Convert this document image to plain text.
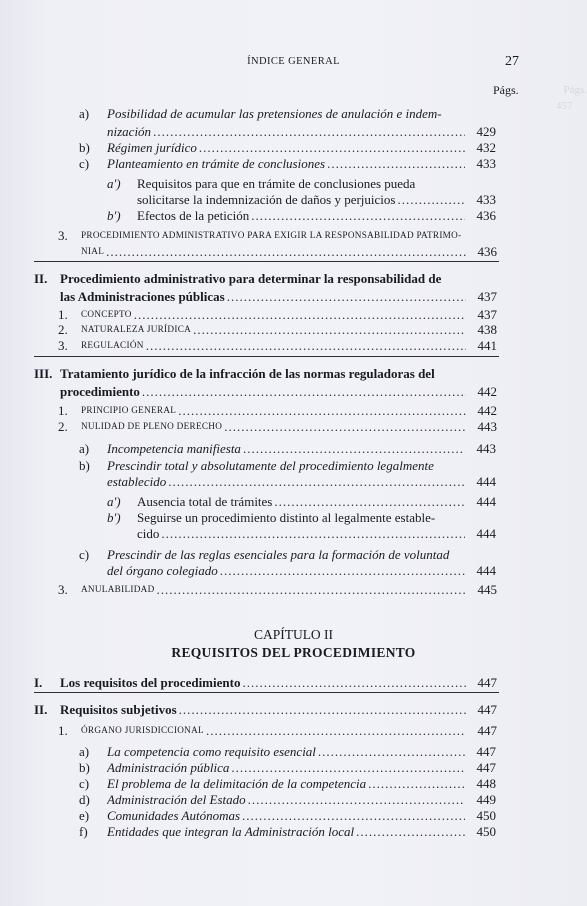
Págs.
457
ÍNDICE GENERAL	27
Págs.
a) Posibilidad de acumular las pretensiones de anulación e indem-
nización .....	429
b) Régimen jurídico .....	432
c) Planteamiento en trámite de conclusiones .....	433
a') Requisitos para que en trámite de conclusiones pueda
solicitarse la indemnización de daños y perjuicios .....	433
b') Efectos de la petición .....	436
3. PROCEDIMIENTO ADMINISTRATIVO PARA EXIGIR LA RESPONSABILIDAD PATRIMO-
NIAL .....	436
II. Procedimiento administrativo para determinar la responsabilidad de
las Administraciones públicas .....	437
1. CONCEPTO .....	437
2. NATURALEZA JURÍDICA .....	438
3. REGULACIÓN .....	441
III. Tratamiento jurídico de la infracción de las normas reguladoras del
procedimiento .....	442
1. PRINCIPIO GENERAL .....	442
2. NULIDAD DE PLENO DERECHO .....	443
a) Incompetencia manifiesta .....	443
b) Prescindir total y absolutamente del procedimiento legalmente
establecido .....	444
a') Ausencia total de trámites .....	444
b') Seguirse un procedimiento distinto al legalmente estable-
cido .....	444
c) Prescindir de las reglas esenciales para la formación de voluntad
del órgano colegiado .....	444
3. ANULABILIDAD .....	445
CAPÍTULO II
REQUISITOS DEL PROCEDIMIENTO
I. Los requisitos del procedimiento .....	447
II. Requisitos subjetivos .....	447
1. ÓRGANO JURISDICCIONAL .....	447
a) La competencia como requisito esencial .....	447
b) Administración pública .....	447
c) El problema de la delimitación de la competencia .....	448
d) Administración del Estado .....	449
e) Comunidades Autónomas .....	450
f) Entidades que integran la Administración local .....	450
